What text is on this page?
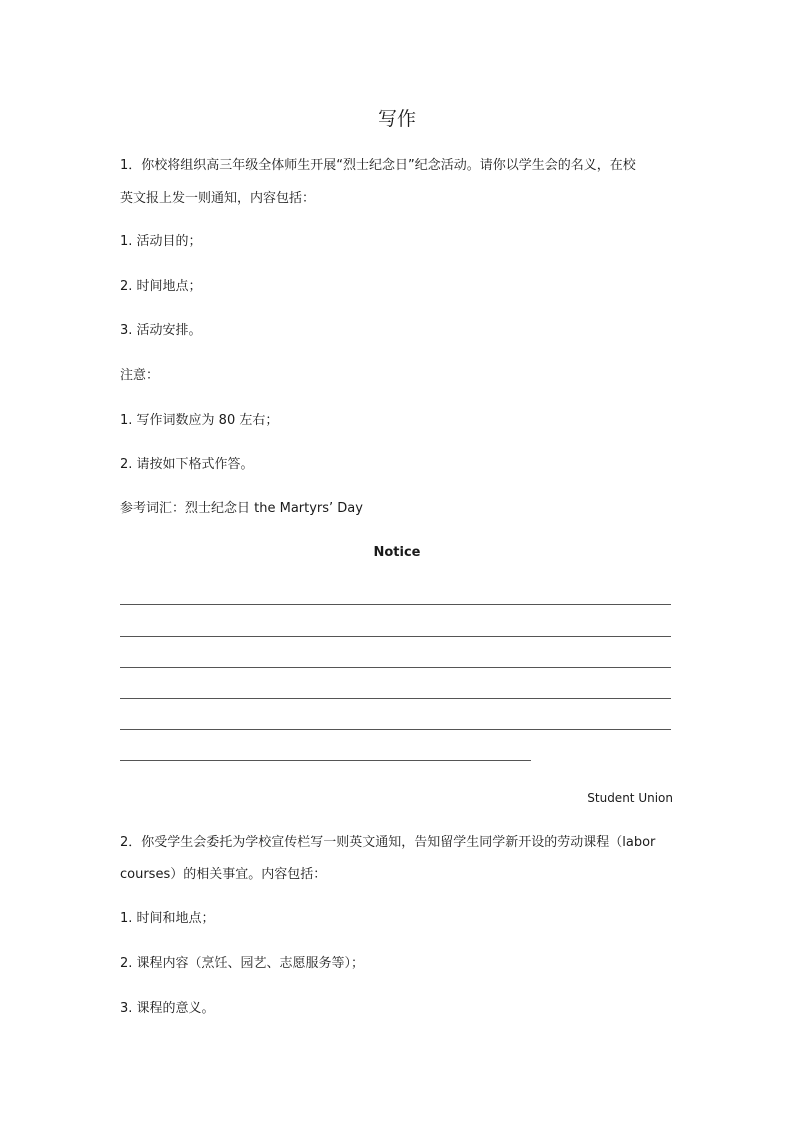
写作
1．你校将组织高三年级全体师生开展“烈士纪念日”纪念活动。请你以学生会的名义，在校
英文报上发一则通知，内容包括：
1. 活动目的；
2. 时间地点；
3. 活动安排。
注意：
1. 写作词数应为 80 左右；
2. 请按如下格式作答。
参考词汇：烈士纪念日 the Martyrs’ Day
Notice
Student Union
2．你受学生会委托为学校宣传栏写一则英文通知，告知留学生同学新开设的劳动课程（labor
courses）的相关事宜。内容包括：
1. 时间和地点；
2. 课程内容（烹饪、园艺、志愿服务等）；
3. 课程的意义。
